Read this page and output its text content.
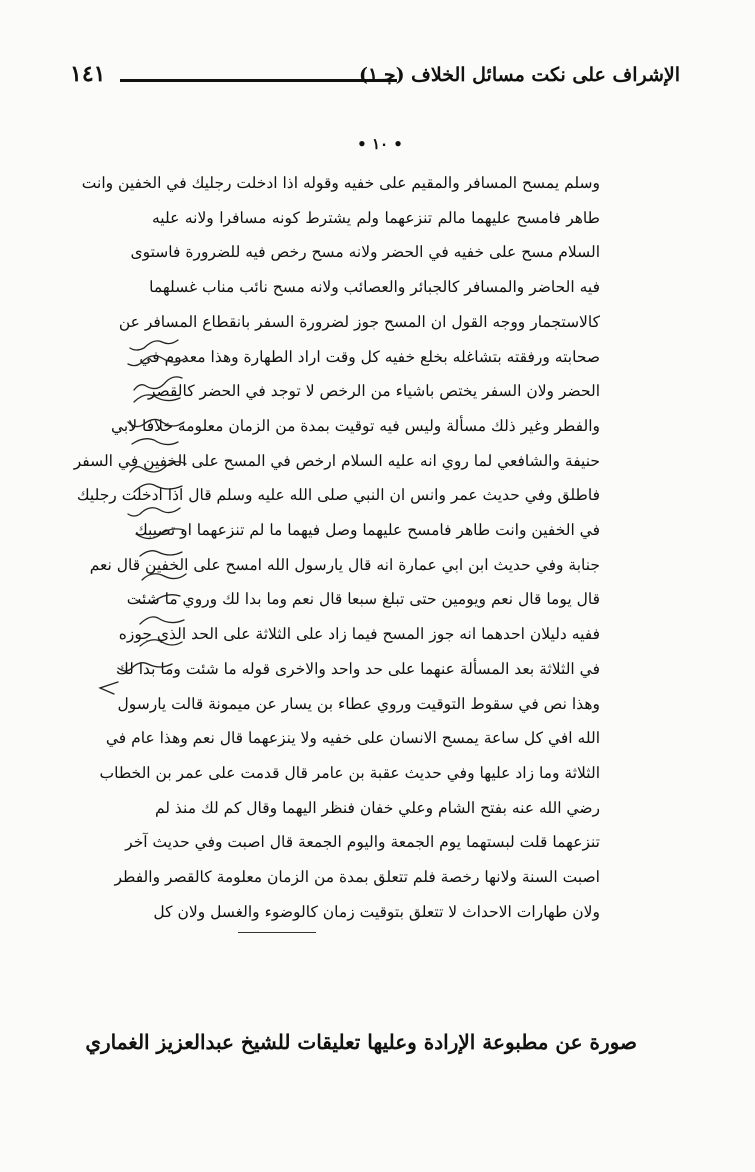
١٤١	الإشراف على نكت مسائل الخلاف (جـ١)
• ١٠ •
وسلم يمسح المسافر والمقيم على خفيه وقوله اذا ادخلت رجليك في الخفين وانت
طاهر فامسح عليهما مالم تنزعهما ولم يشترط كونه مسافرا ولانه عليه
السلام مسح على خفيه في الحضر ولانه مسح رخص فيه للضرورة فاستوى
فيه الحاضر والمسافر كالجبائر والعصائب ولانه مسح نائب مناب غسلهما
كالاستجمار ووجه القول ان المسح جوز لضرورة السفر بانقطاع المسافر عن
صحابته ورفقته بتشاغله بخلع خفيه كل وقت اراد الطهارة وهذا معدوم في
الحضر ولان السفر يختص باشياء من الرخص لا توجد في الحضر كالقصر
والفطر وغير ذلك مسألة وليس فيه توقيت بمدة من الزمان معلومة خلافا لابي
حنيفة والشافعي لما روي انه عليه السلام ارخص في المسح على الخفين في السفر
فاطلق وفي حديث عمر وانس ان النبي صلى الله عليه وسلم قال اذا ادخلت رجليك
في الخفين وانت طاهر فامسح عليهما وصل فيهما ما لم تنزعهما او تصيبك
جنابة وفي حديث ابن ابي عمارة انه قال يارسول الله امسح على الخفين قال نعم
قال يوما قال نعم ويومين حتى تبلغ سبعا قال نعم وما بدا لك وروي ما شئت
ففيه دليلان احدهما انه جوز المسح فيما زاد على الثلاثة على الحد الذي جوزه
في الثلاثة بعد المسألة عنهما على حد واحد والاخرى قوله ما شئت وما بدا لك
وهذا نص في سقوط التوقيت وروي عطاء بن يسار عن ميمونة قالت يارسول
الله افي كل ساعة يمسح الانسان على خفيه ولا ينزعهما قال نعم وهذا عام في
الثلاثة وما زاد عليها وفي حديث عقبة بن عامر قال قدمت على عمر بن الخطاب
رضي الله عنه بفتح الشام وعلي خفان فنظر اليهما وقال كم لك منذ لم
تنزعهما قلت لبستهما يوم الجمعة واليوم الجمعة قال اصبت وفي حديث آخر
اصبت السنة ولانها رخصة فلم تتعلق بمدة من الزمان معلومة كالقصر والفطر
ولان طهارات الاحداث لا تتعلق بتوقيت زمان كالوضوء والغسل ولان كل
صورة عن مطبوعة الإرادة وعليها تعليقات للشيخ عبدالعزيز الغماري
